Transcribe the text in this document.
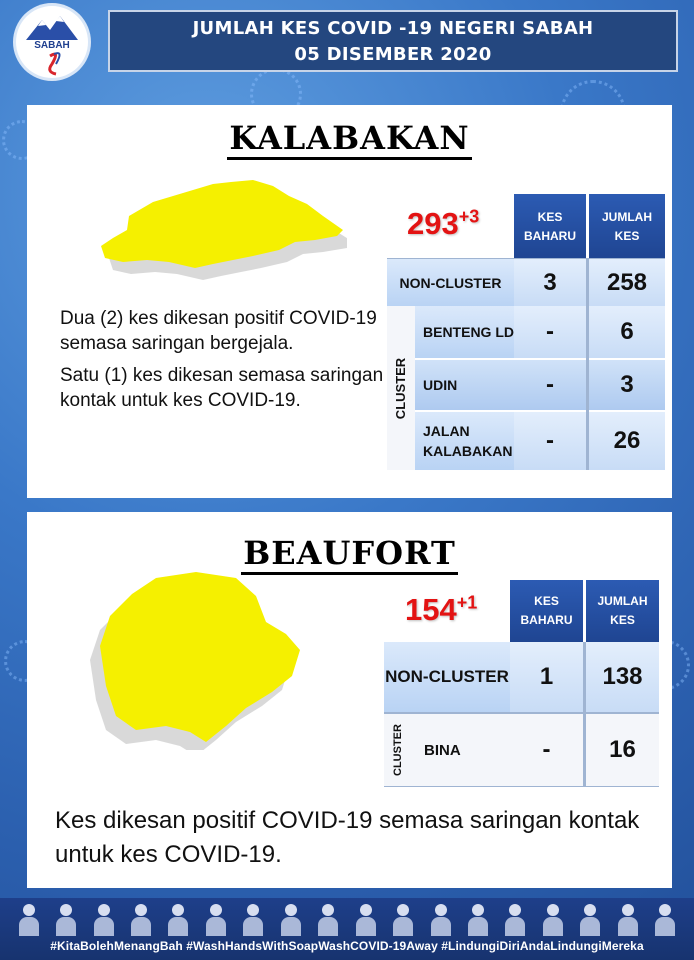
SABAH
JUMLAH KES COVID -19 NEGERI SABAH
05 DISEMBER 2020
KALABAKAN
$293^{+3}$

Dua (2) kes dikesan positif COVID-19 semasa saringan bergejala.

Satu (1) kes dikesan semasa saringan kontak untuk kes COVID-19.

KES BAHARU
JUMLAH KES
NON-CLUSTER	3	258
CLUSTER
BENTENG LD	-	6
UDIN	-	3
JALAN KALABAKAN	-	26
BEAUFORT
$154^{+1}$	KES BAHARU
JUMLAH KES
NON-CLUSTER	1	138
CLUSTER	BINA	-	16
Kes dikesan positif COVID-19 semasa saringan kontak untuk kes COVID-19.
#KitaBolehMenangBah #WashHandsWithSoapWashCOVID-19Away #LindungiDiriAndaLindungiMereka
